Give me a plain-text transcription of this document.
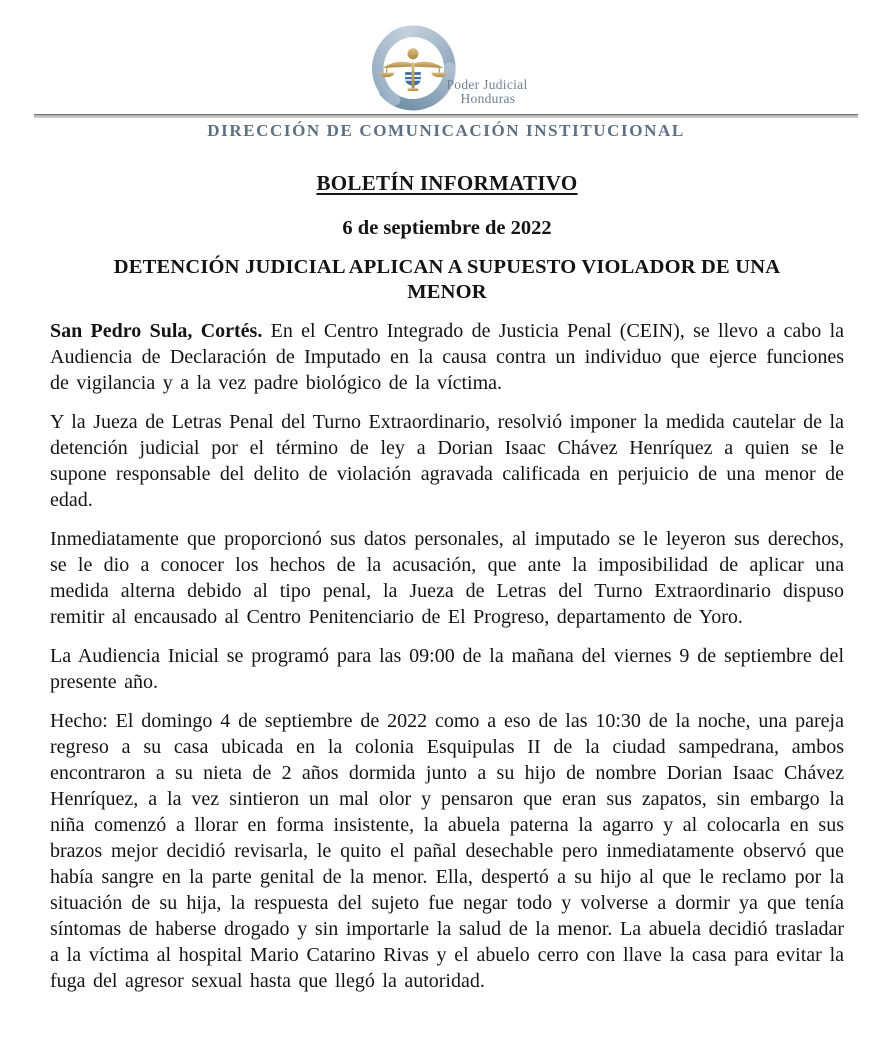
Poder Judicial
Honduras
DIRECCIÓN DE COMUNICACIÓN INSTITUCIONAL
BOLETÍN INFORMATIVO
6 de septiembre de 2022
DETENCIÓN JUDICIAL APLICAN A SUPUESTO VIOLADOR DE UNA
MENOR

San Pedro Sula, Cortés. En el Centro Integrado de Justicia Penal (CEIN), se llevo a cabo la Audiencia de Declaración de Imputado en la causa contra un individuo que ejerce funciones de vigilancia y a la vez padre biológico de la víctima.

Y la Jueza de Letras Penal del Turno Extraordinario, resolvió imponer la medida cautelar de la detención judicial por el término de ley a Dorian Isaac Chávez Henríquez a quien se le supone responsable del delito de violación agravada calificada en perjuicio de una menor de edad.

Inmediatamente que proporcionó sus datos personales, al imputado se le leyeron sus derechos, se le dio a conocer los hechos de la acusación, que ante la imposibilidad de aplicar una medida alterna debido al tipo penal, la Jueza de Letras del Turno Extraordinario dispuso remitir al encausado al Centro Penitenciario de El Progreso, departamento de Yoro.

La Audiencia Inicial se programó para las 09:00 de la mañana del viernes 9 de septiembre del presente año.

Hecho: El domingo 4 de septiembre de 2022 como a eso de las 10:30 de la noche, una pareja regreso a su casa ubicada en la colonia Esquipulas II de la ciudad sampedrana, ambos encontraron a su nieta de 2 años dormida junto a su hijo de nombre Dorian Isaac Chávez Henríquez, a la vez sintieron un mal olor y pensaron que eran sus zapatos, sin embargo la niña comenzó a llorar en forma insistente, la abuela paterna la agarro y al colocarla en sus brazos mejor decidió revisarla, le quito el pañal desechable pero inmediatamente observó que había sangre en la parte genital de la menor. Ella, despertó a su hijo al que le reclamo por la situación de su hija, la respuesta del sujeto fue negar todo y volverse a dormir ya que tenía síntomas de haberse drogado y sin importarle la salud de la menor. La abuela decidió trasladar a la víctima al hospital Mario Catarino Rivas y el abuelo cerro con llave la casa para evitar la fuga del agresor sexual hasta que llegó la autoridad.
